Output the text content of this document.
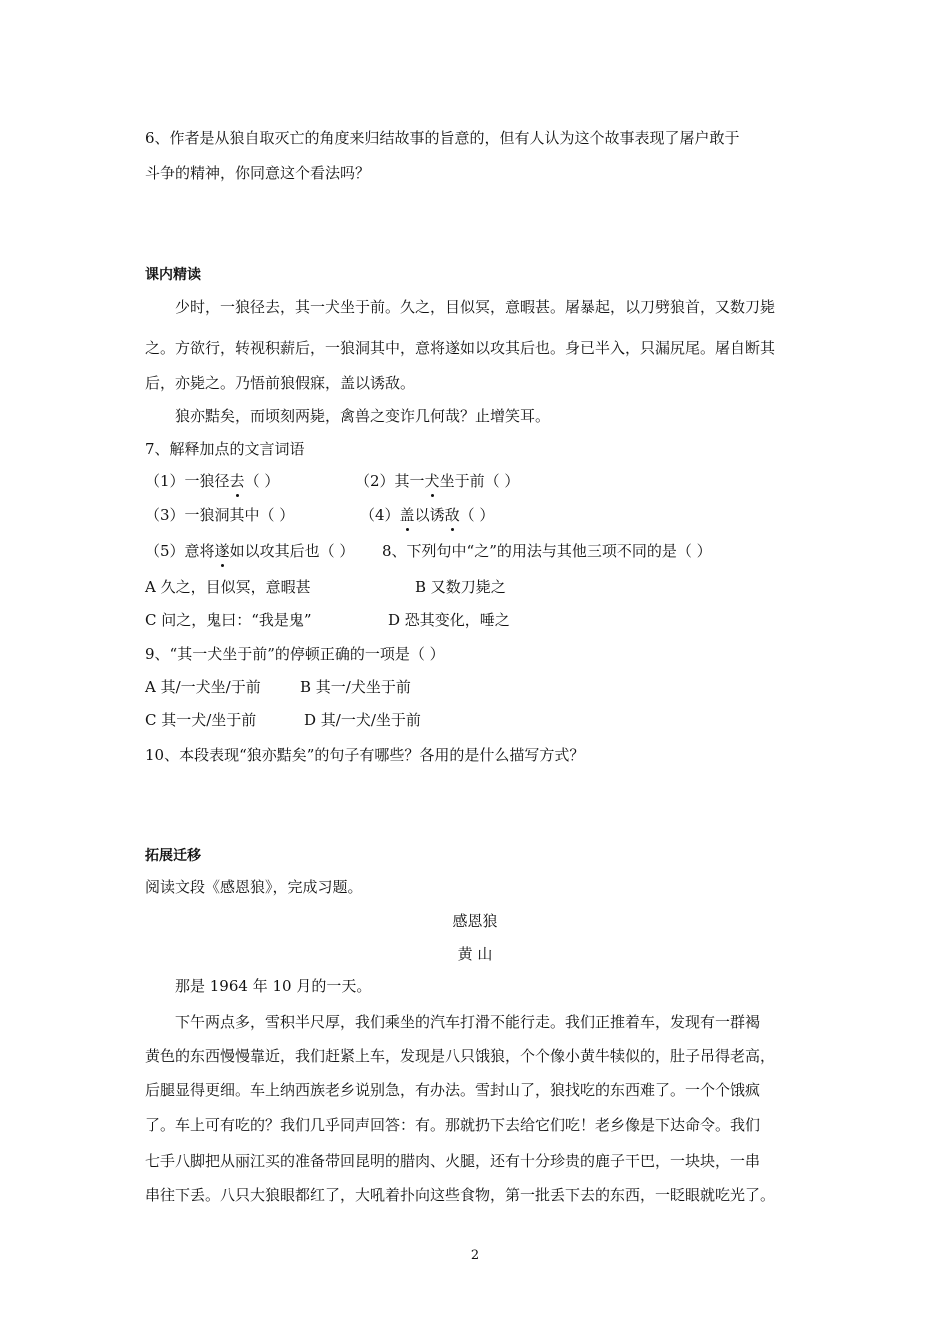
6、作者是从狼自取灭亡的角度来归结故事的旨意的，但有人认为这个故事表现了屠户敢于
斗争的精神，你同意这个看法吗？
课内精读
少时，一狼径去，其一犬坐于前。久之，目似冥，意暇甚。屠暴起，以刀劈狼首，又数刀毙
之。方欲行，转视积薪后，一狼洞其中，意将遂如以攻其后也。身已半入，只漏尻尾。屠自断其
后，亦毙之。乃悟前狼假寐，盖以诱敌。
狼亦黠矣，而顷刻两毙，禽兽之变诈几何哉？止增笑耳。
7、解释加点的文言词语
（1）一狼径去（ ）	（2）其一犬坐于前（ ）
（3）一狼洞其中（ ）	（4）盖以诱敌（ ）
（5）意将遂如以攻其后也（ ） 8、下列句中“之”的用法与其他三项不同的是（ ）
A 久之，目似冥，意暇甚	B 又数刀毙之
C 问之，鬼曰：“我是鬼”	D 恐其变化，唾之
9、“其一犬坐于前”的停顿正确的一项是（ ）
A 其/一犬坐/于前	B 其一/犬坐于前
C 其一犬/坐于前	D 其/一犬/坐于前
10、本段表现“狼亦黠矣”的句子有哪些？各用的是什么描写方式？
拓展迁移
阅读文段《感恩狼》，完成习题。
感恩狼
黄 山
那是 1964 年 10 月的一天。
下午两点多，雪积半尺厚，我们乘坐的汽车打滑不能行走。我们正推着车，发现有一群褐
黄色的东西慢慢靠近，我们赶紧上车，发现是八只饿狼，个个像小黄牛犊似的，肚子吊得老高，
后腿显得更细。车上纳西族老乡说别急，有办法。雪封山了，狼找吃的东西难了。一个个饿疯
了。车上可有吃的？我们几乎同声回答：有。那就扔下去给它们吃！老乡像是下达命令。我们
七手八脚把从丽江买的准备带回昆明的腊肉、火腿，还有十分珍贵的鹿子干巴，一块块，一串
串往下丢。八只大狼眼都红了，大吼着扑向这些食物，第一批丢下去的东西，一眨眼就吃光了。
2
